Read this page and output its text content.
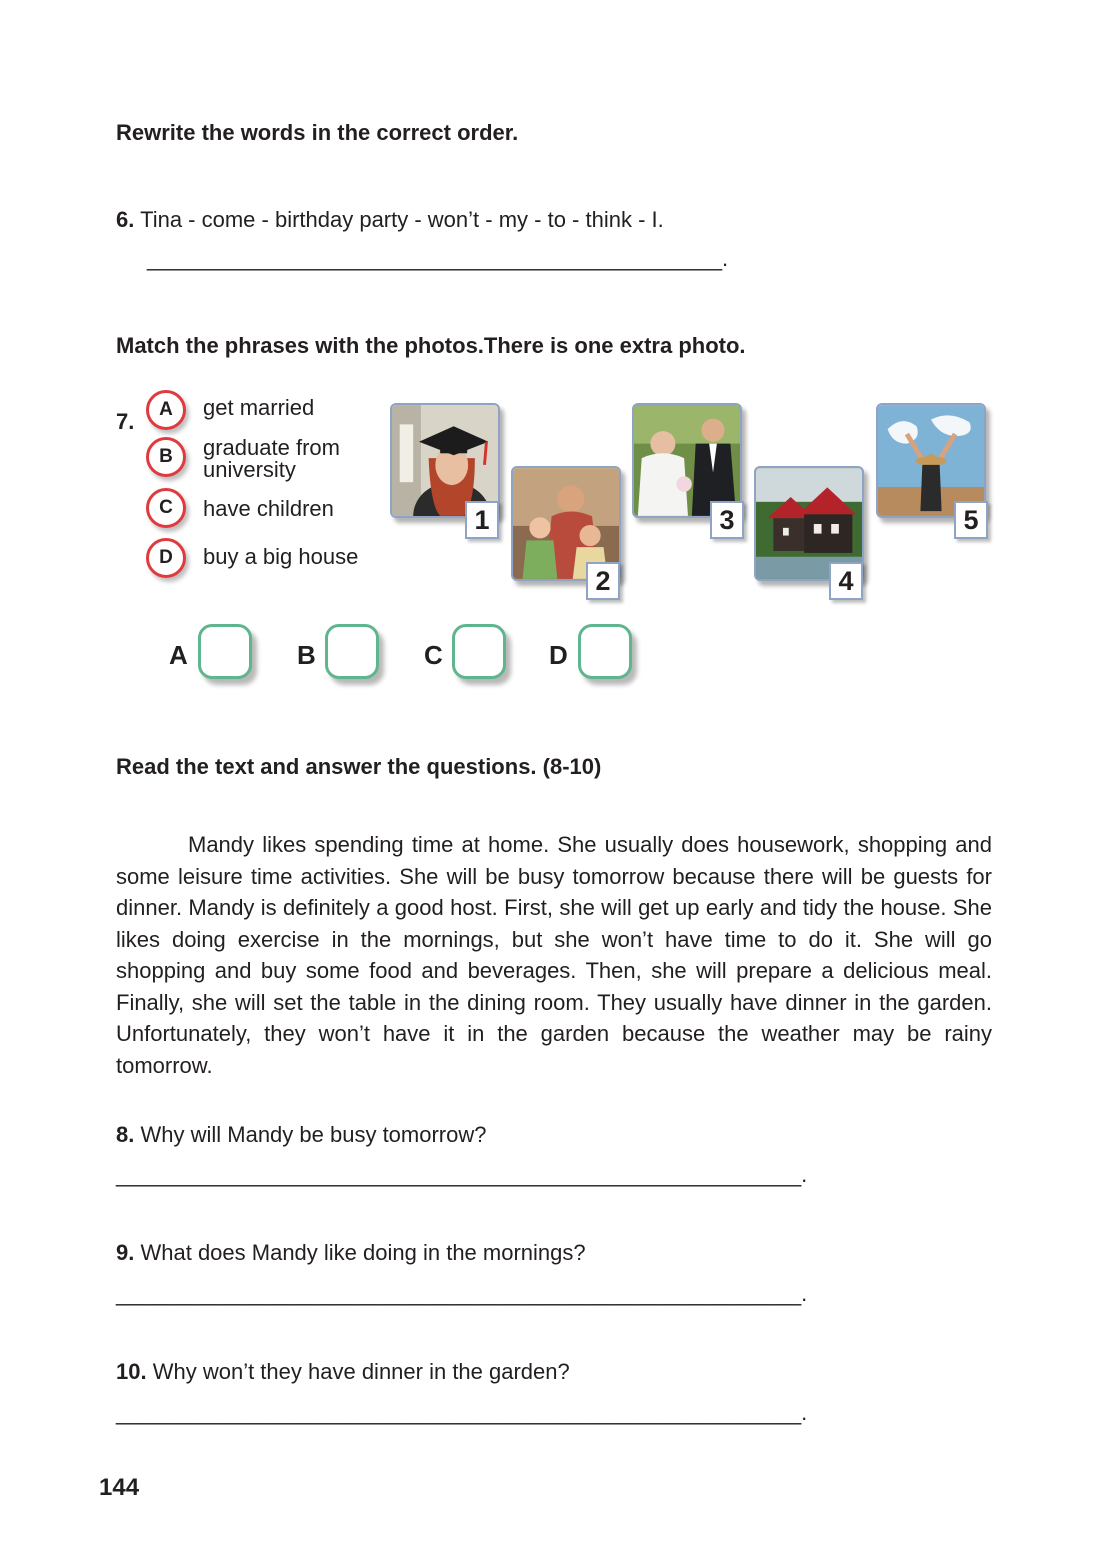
Rewrite the words in the correct order.
6. Tina - come - birthday party - won’t - my - to - think - I.
_______________________________________________.
Match the phrases with the photos.There is one extra photo.
7.	A	get married
B	graduate from
university
C	have children
D	buy a big house
1
2
3
4
5
A	B	C	D
Read the text and answer the questions. (8-10)

Mandy likes spending time at home. She usually does housework, shopping and some leisure time activities. She will be busy tomorrow because there will be guests for dinner. Mandy is definitely a good host. First, she will get up early and tidy the house. She likes doing exercise in the mornings, but she won’t have time to do it. She will go shopping and buy some food and beverages. Then, she will prepare a delicious meal. Finally, she will set the table in the dining room. They usually have dinner in the garden. Unfortunately, they won’t have it in the garden because the weather may be rainy tomorrow.

8. Why will Mandy be busy tomorrow?
________________________________________________________.
9. What does Mandy like doing in the mornings?
________________________________________________________.
10. Why won’t they have dinner in the garden?
________________________________________________________.
144
